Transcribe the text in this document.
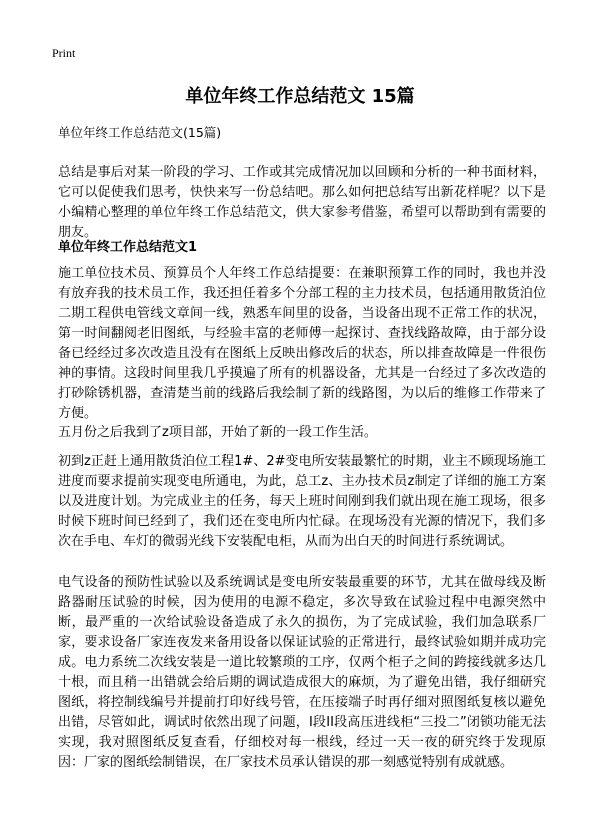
Print
单位年终工作总结范文 15篇
单位年终工作总结范文(15篇)

总结是事后对某一阶段的学习、工作或其完成情况加以回顾和分析的一种书面材料，它可以促使我们思考，快快来写一份总结吧。那么如何把总结写出新花样呢？以下是小编精心整理的单位年终工作总结范文，供大家参考借鉴，希望可以帮助到有需要的朋友。

单位年终工作总结范文1

施工单位技术员、预算员个人年终工作总结提要：在兼职预算工作的同时，我也并没有放弃我的技术员工作，我还担任着多个分部工程的主力技术员，包括通用散货泊位二期工程供电管线文章间一线，熟悉车间里的设备，当设备出现不正常工作的状况，第一时间翻阅老旧图纸，与经验丰富的老师傅一起探讨、查找线路故障，由于部分设备已经经过多次改造且没有在图纸上反映出修改后的状态，所以排查故障是一件很伤神的事情。这段时间里我几乎摸遍了所有的机器设备，尤其是一台经过了多次改造的打砂除锈机器，查清楚当前的线路后我绘制了新的线路图，为以后的维修工作带来了方便。

五月份之后我到了z项目部，开始了新的一段工作生活。

初到z正赶上通用散货泊位工程1#、2#变电所安装最繁忙的时期，业主不顾现场施工进度而要求提前实现变电所通电，为此，总工z、主办技术员z制定了详细的施工方案以及进度计划。为完成业主的任务，每天上班时间刚到我们就出现在施工现场，很多时候下班时间已经到了，我们还在变电所内忙碌。在现场没有光源的情况下，我们多次在手电、车灯的微弱光线下安装配电柜，从而为出白天的时间进行系统调试。

电气设备的预防性试验以及系统调试是变电所安装最重要的环节，尤其在做母线及断路器耐压试验的时候，因为使用的电源不稳定，多次导致在试验过程中电源突然中断，最严重的一次给试验设备造成了永久的损伤，为了完成试验，我们加急联系厂家，要求设备厂家连夜发来备用设备以保证试验的正常进行，最终试验如期并成功完成。电力系统二次线安装是一道比较繁琐的工序，仅两个柜子之间的跨接线就多达几十根，而且稍一出错就会给后期的调试造成很大的麻烦，为了避免出错，我仔细研究图纸，将控制线编号并提前打印好线号管，在压接端子时再仔细对照图纸复核以避免出错，尽管如此，调试时依然出现了问题，I段II段高压进线柜“三投二”闭锁功能无法实现，我对照图纸反复查看，仔细校对每一根线，经过一天一夜的研究终于发现原因：厂家的图纸绘制错误，在厂家技术员承认错误的那一刻感觉特别有成就感。
